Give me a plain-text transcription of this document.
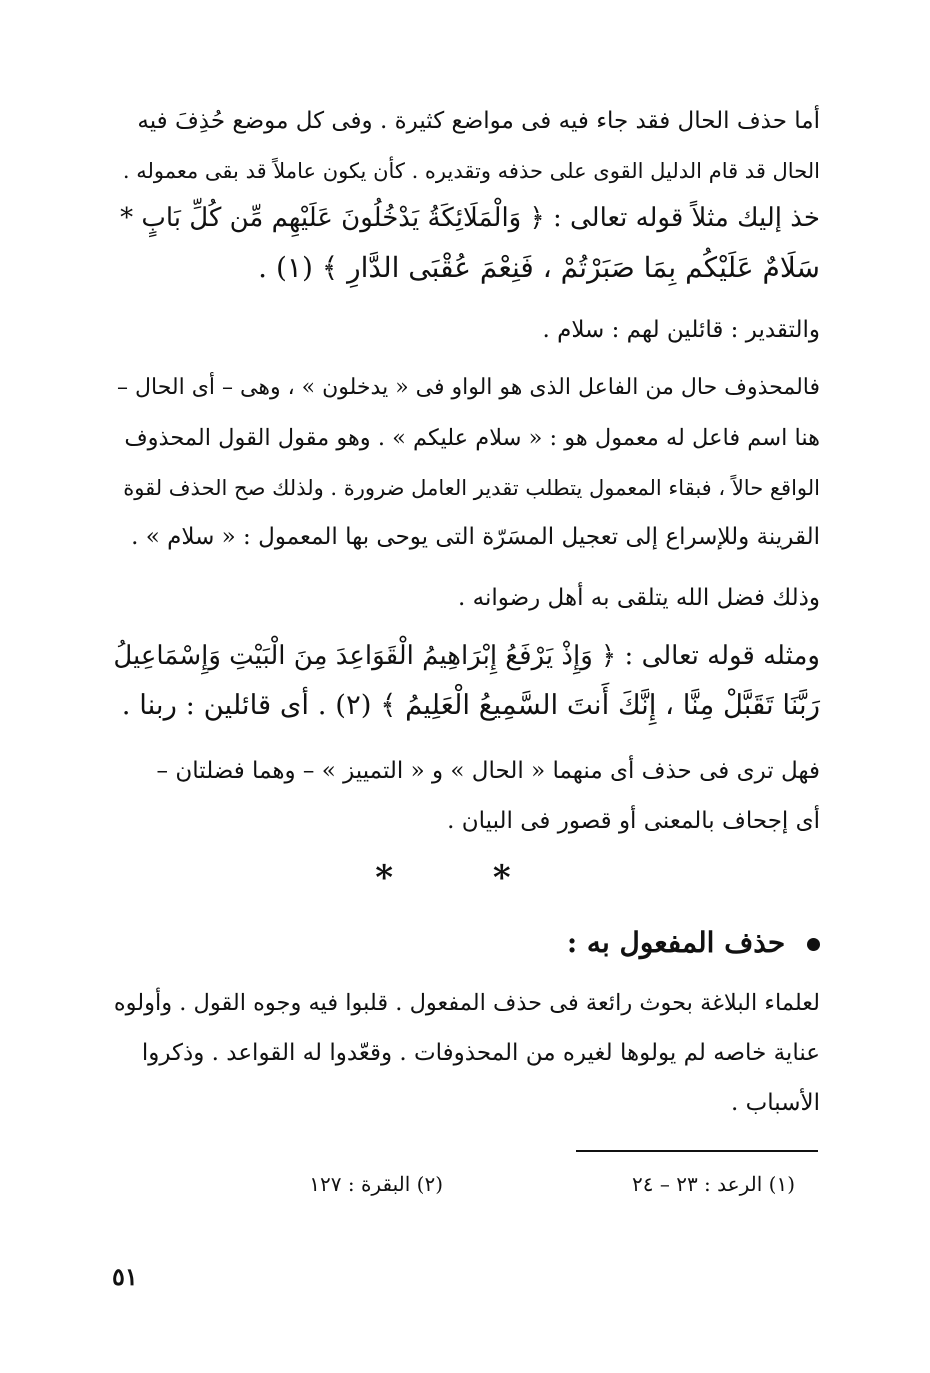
أما حذف الحال فقد جاء فيه فى مواضع كثيرة . وفى كل موضع حُذِفَ فيه
الحال قد قام الدليل القوى على حذفه وتقديره . كأن يكون عاملاً قد بقى معموله .
خذ إليك مثلاً قوله تعالى : ﴿ وَالْمَلَائِكَةُ يَدْخُلُونَ عَلَيْهِم مِّن كُلِّ بَابٍ *
سَلَامٌ عَلَيْكُم بِمَا صَبَرْتُمْ ، فَنِعْمَ عُقْبَى الدَّارِ ﴾ (١) .
والتقدير : قائلين لهم : سلام .
فالمحذوف حال من الفاعل الذى هو الواو فى « يدخلون » ، وهى – أى الحال –
هنا اسم فاعل له معمول هو : « سلام عليكم » . وهو مقول القول المحذوف
الواقع حالاً ، فبقاء المعمول يتطلب تقدير العامل ضرورة . ولذلك صح الحذف لقوة
القرينة وللإسراع إلى تعجيل المسَرّة التى يوحى بها المعمول : « سلام » .
وذلك فضل الله يتلقى به أهل رضوانه .
ومثله قوله تعالى : ﴿ وَإِذْ يَرْفَعُ إِبْرَاهِيمُ الْقَوَاعِدَ مِنَ الْبَيْتِ وَإِسْمَاعِيلُ
رَبَّنَا تَقَبَّلْ مِنَّا ، إِنَّكَ أَنتَ السَّمِيعُ الْعَلِيمُ ﴾ (٢) . أى قائلين : ربنا .
فهل ترى فى حذف أى منهما « الحال » و « التمييز » – وهما فضلتان –
أى إجحاف بالمعنى أو قصور فى البيان .
* *
حذف المفعول به :
لعلماء البلاغة بحوث رائعة فى حذف المفعول . قلبوا فيه وجوه القول . وأولوه
عناية خاصه لم يولوها لغيره من المحذوفات . وقعّدوا له القواعد . وذكروا
الأسباب .
(١) الرعد : ٢٣ – ٢٤
(٢) البقرة : ١٢٧
٥١
